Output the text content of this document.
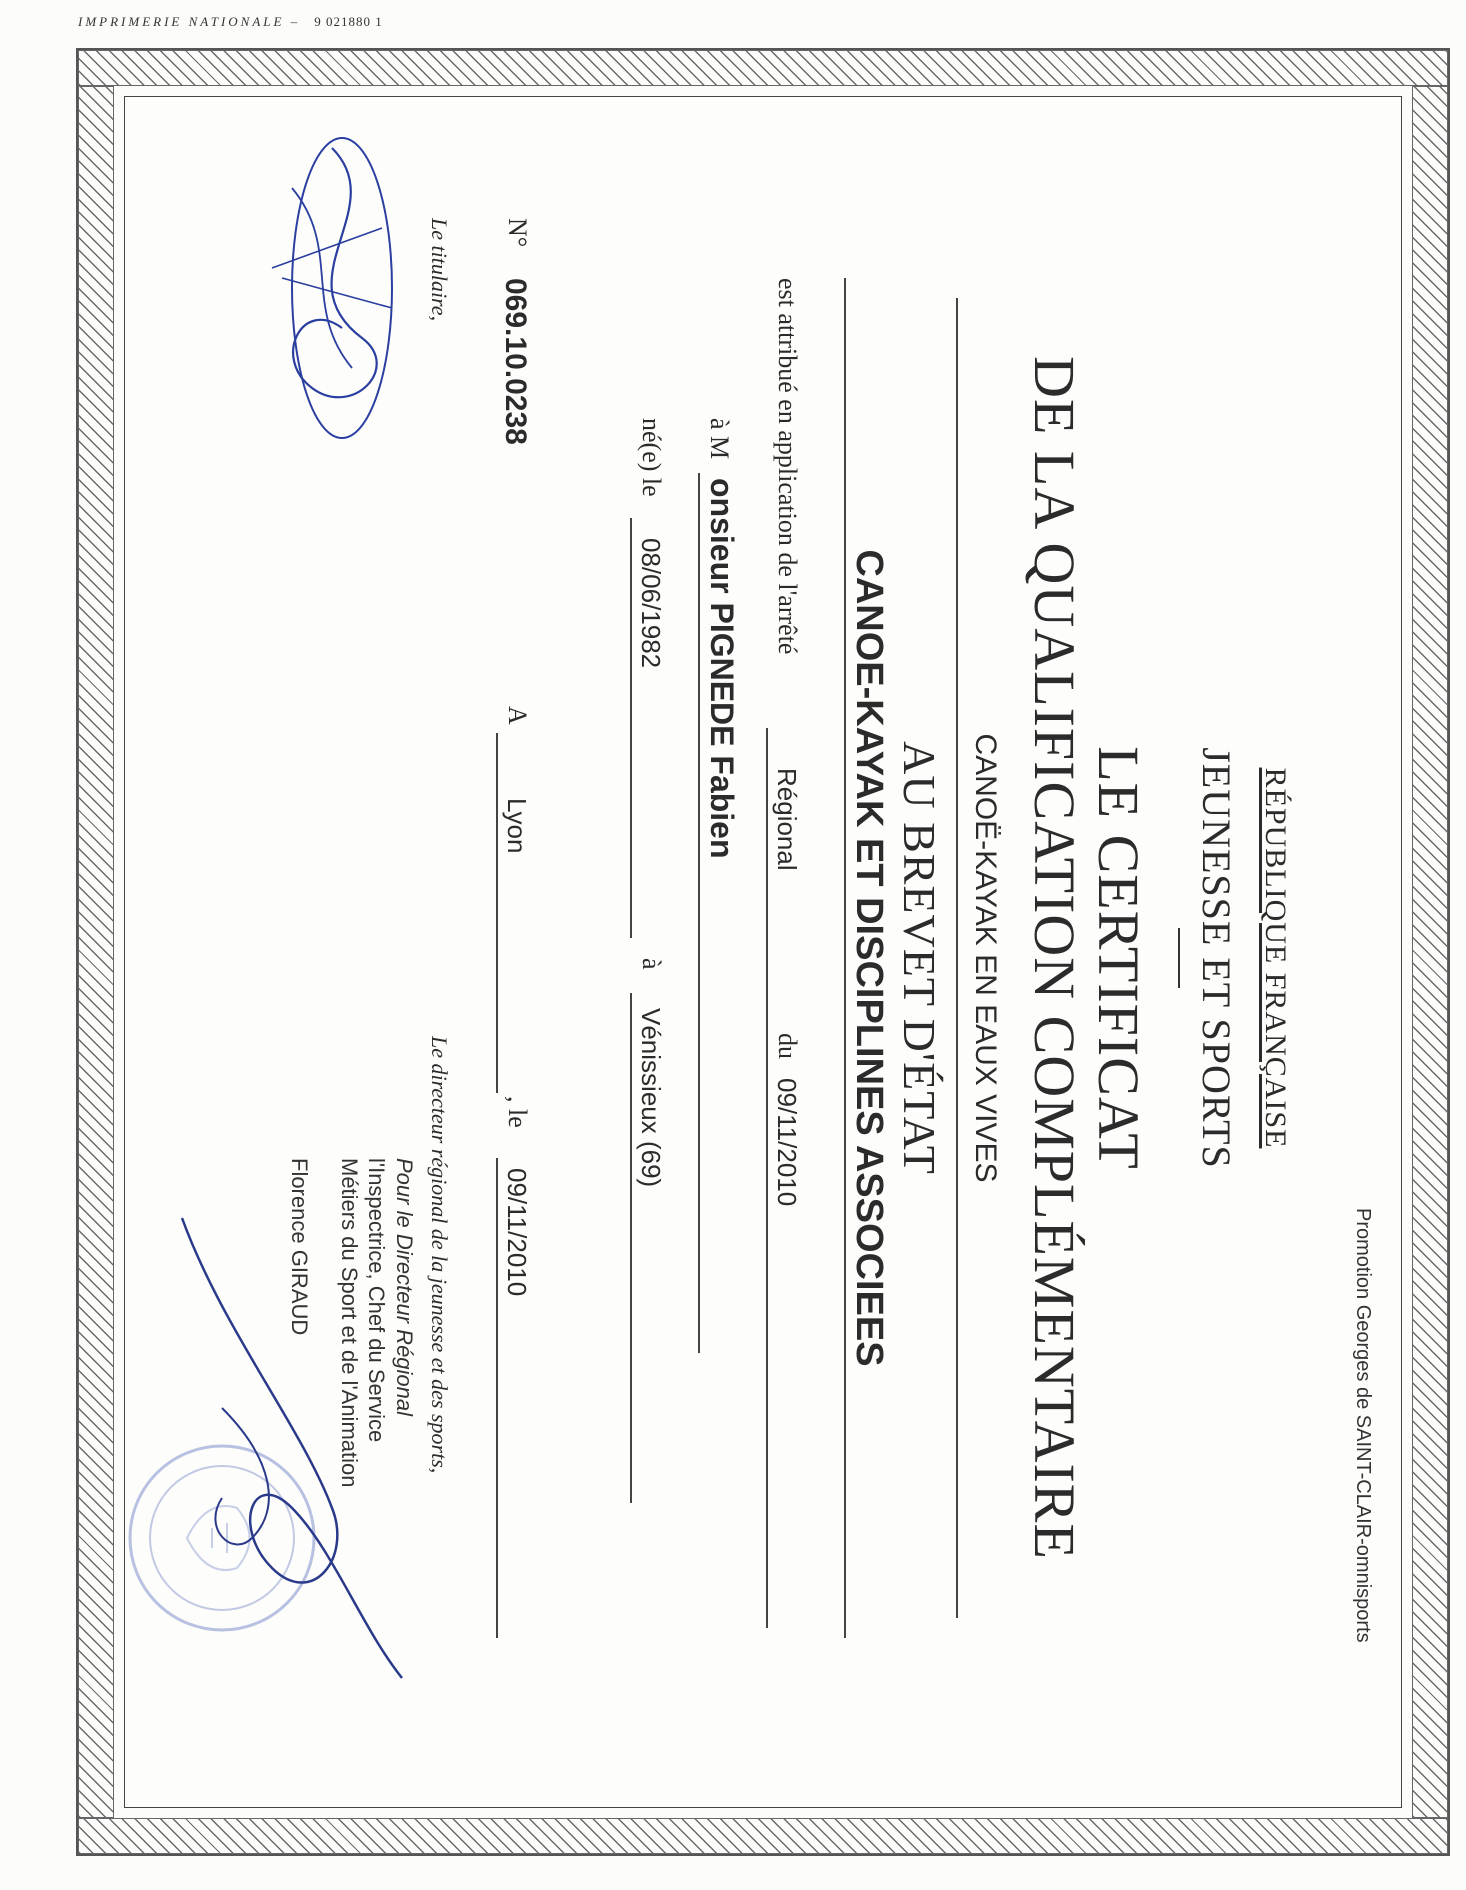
IMPRIMERIE NATIONALE – 9 021880 1
Promotion Georges de SAINT-CLAIR-omnisports
RÉPUBLIQUE FRANÇAISE
JEUNESSE ET SPORTS
LE CERTIFICAT
DE LA QUALIFICATION COMPLÉMENTAIRE
CANOË-KAYAK EN EAUX VIVES
AU BREVET D'ÉTAT
CANOE-KAYAK ET DISCIPLINES ASSOCIEES
est attribué en application de l'arrêté
Régional
du
09/11/2010
à M
onsieur PIGNEDE Fabien
né(e) le
08/06/1982
à
Vénissieux (69)
N°
069.10.0238
A
Lyon
, le
09/11/2010
Le titulaire,
Le directeur régional de la jeunesse et des sports,
Pour le Directeur Régional
l'Inspectrice, Chef du Service
Métiers du Sport et de l'Animation
Florence GIRAUD
